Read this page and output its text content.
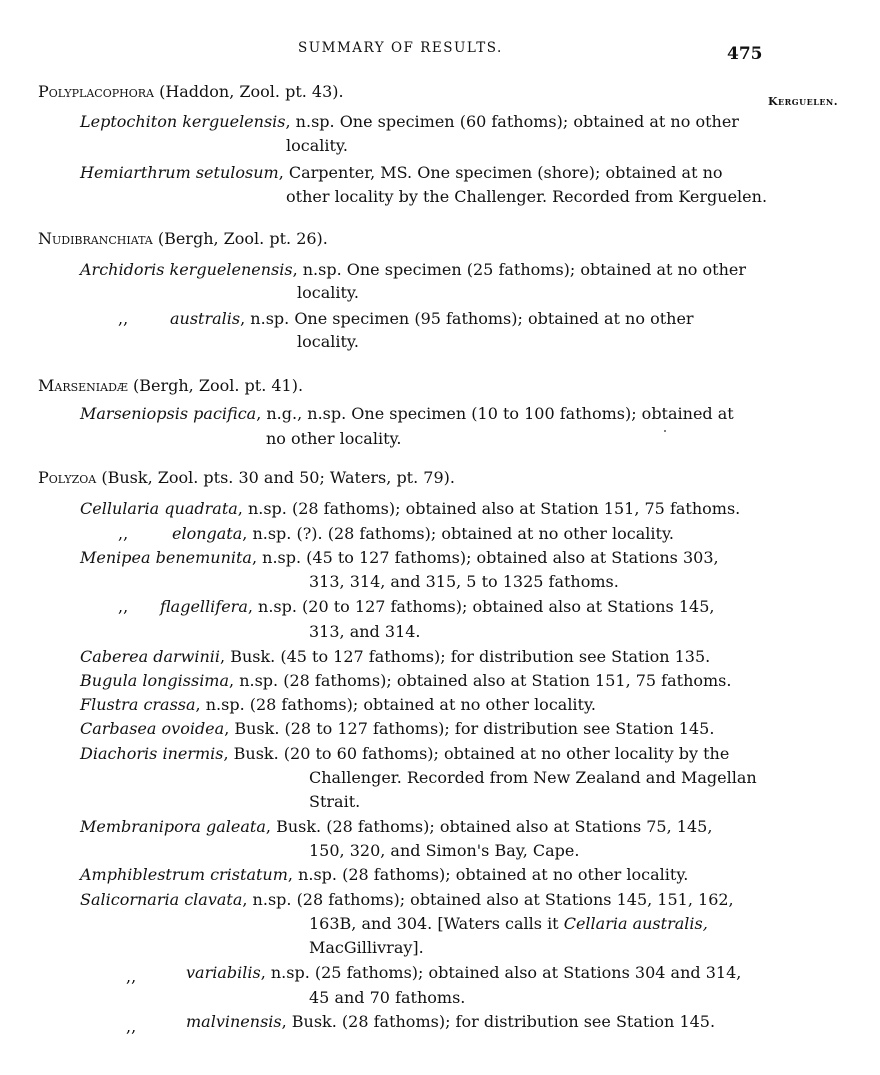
SUMMARY OF RESULTS.	475
Kerguelen.
Polyplacophora (Haddon, Zool. pt. 43).
Leptochiton kerguelensis, n.sp. One specimen (60 fathoms); obtained at no other
locality.
Hemiarthrum setulosum, Carpenter, MS. One specimen (shore); obtained at no
other locality by the Challenger. Recorded from Kerguelen.
Nudibranchiata (Bergh, Zool. pt. 26).
Archidoris kerguelenensis, n.sp. One specimen (25 fathoms); obtained at no other
locality.
,,	australis, n.sp. One specimen (95 fathoms); obtained at no other
locality.
Marseniadæ (Bergh, Zool. pt. 41).
Marseniopsis pacifica, n.g., n.sp. One specimen (10 to 100 fathoms); obtained at
no other locality.
Polyzoa (Busk, Zool. pts. 30 and 50; Waters, pt. 79).
Cellularia quadrata, n.sp. (28 fathoms); obtained also at Station 151, 75 fathoms.
,,	elongata, n.sp. (?). (28 fathoms); obtained at no other locality.
Menipea benemunita, n.sp. (45 to 127 fathoms); obtained also at Stations 303,
313, 314, and 315, 5 to 1325 fathoms.
,, flagellifera, n.sp. (20 to 127 fathoms); obtained also at Stations 145,
313, and 314.
Caberea darwinii, Busk. (45 to 127 fathoms); for distribution see Station 135.
Bugula longissima, n.sp. (28 fathoms); obtained also at Station 151, 75 fathoms.
Flustra crassa, n.sp. (28 fathoms); obtained at no other locality.
Carbasea ovoidea, Busk. (28 to 127 fathoms); for distribution see Station 145.
Diachoris inermis, Busk. (20 to 60 fathoms); obtained at no other locality by the
Challenger. Recorded from New Zealand and Magellan
Strait.
Membranipora galeata, Busk. (28 fathoms); obtained also at Stations 75, 145,
150, 320, and Simon's Bay, Cape.
Amphiblestrum cristatum, n.sp. (28 fathoms); obtained at no other locality.
Salicornaria clavata, n.sp. (28 fathoms); obtained also at Stations 145, 151, 162,
163B, and 304. [Waters calls it Cellaria australis,
MacGillivray].
,,	variabilis, n.sp. (25 fathoms); obtained also at Stations 304 and 314,
45 and 70 fathoms.
,,	malvinensis, Busk. (28 fathoms); for distribution see Station 145.
